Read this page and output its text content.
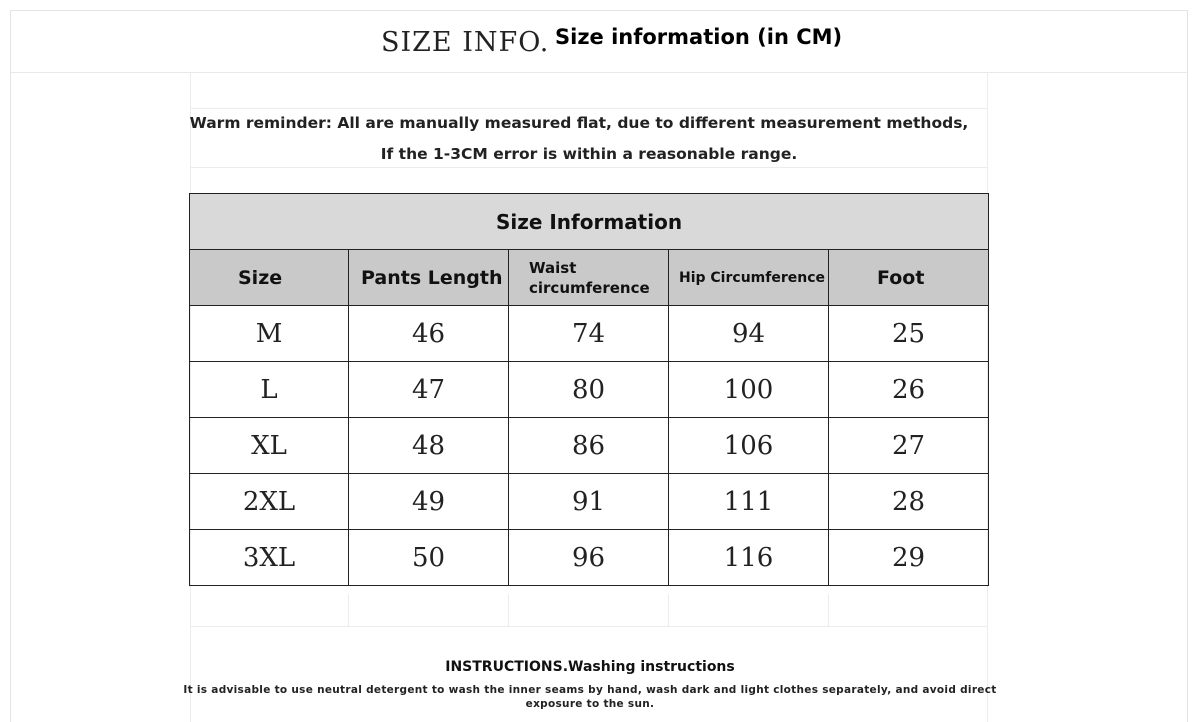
SIZE INFO. Size information (in CM)
Warm reminder: All are manually measured flat, due to different measurement methods,
If the 1-3CM error is within a reasonable range.
Size Information				
Size	Pants Length	Waist circumference	Hip Circumference	Foot
M	46	74	94	25
L	47	80	100	26
XL	48	86	106	27
2XL	49	91	111	28
3XL	50	96	116	29
INSTRUCTIONS.Washing instructions
It is advisable to use neutral detergent to wash the inner seams by hand, wash dark and light clothes separately, and avoid direct exposure to the sun.
